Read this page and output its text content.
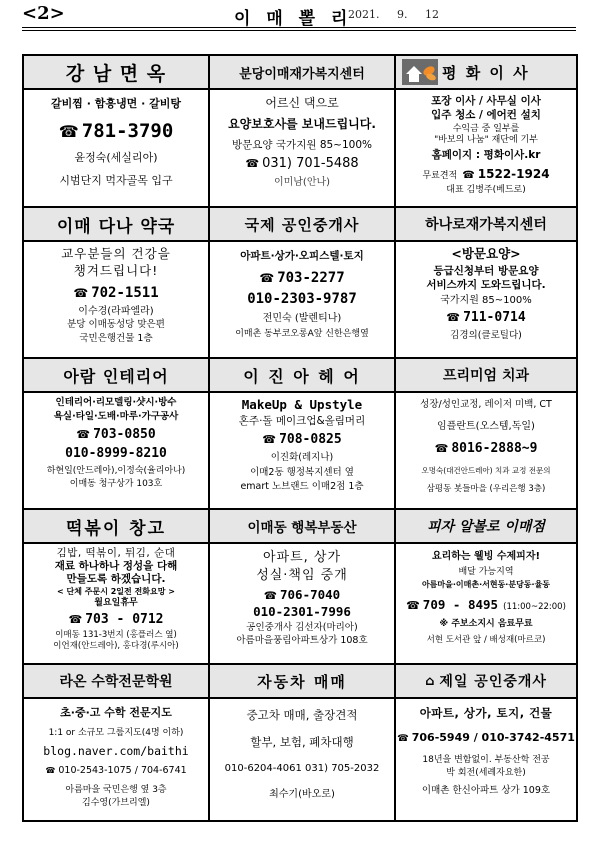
<2>	이 매 뽈 리
2021. 9. 12
강 남 면 옥
갈비찜 · 함흥냉면 · 갈비탕
☎ 781-3790
윤정숙(세실리아)
시범단지 먹자골목 입구
분당이매재가복지센터
어르신 댁으로
요양보호사를 보내드립니다.
방문요양 국가지원 85~100%
☎ 031) 701-5488
이미남(안나)
평 화 이 사
포장 이사 / 사무실 이사
입주 청소 / 에어컨 설치
수익금 중 일부를
"바보의 나눔" 재단에 기부
홈페이지 : 평화이사.kr
무료견적 ☎ 1522-1924
대표 김병주(베드로)
이매 다나 약국
교우분들의 건강을
챙겨드립니다!
☎ 702-1511
이수경(라파엘라)
분당 이매동성당 맞은편
국민은행건물 1층
국제 공인중개사
아파트·상가·오피스텔·토지
☎ 703-2277
010-2303-9787
전민숙 (발렌티나)
이매촌 동부코오롱A앞 신한은행옆
하나로재가복지센터
<방문요양>
등급신청부터 방문요양
서비스까지 도와드립니다.
국가지원 85~100%
☎ 711-0714
김경의(클로틸다)
아람 인테리어
인테리어·리모델링·샷시·방수
욕실·타일·도배·마루·가구공사
☎ 703-0850
010-8999-8210
하현일(안드레아),이정숙(율리아나)
이매동 청구상가 103호
이 진 아 헤 어
MakeUp & Upstyle
혼주·돌 메이크업&올림머리
☎ 708-0825
이진화(레지나)
이매2동 행정복지센터 옆
emart 노브랜드 이매2점 1층
프리미엄 치과
성장/성인교정, 레이저 미백, CT
임플란트(오스템,독일)
☎ 8016-2888~9
오명숙(대건안드레아) 치과 교정 전문의
삼평동 봇들마을 (우리은행 3층)
떡볶이 창고
김밥, 떡볶이, 튀김, 순대
재료 하나하나 정성을 다해
만들도록 하겠습니다.
< 단체 주문시 2일전 전화요망 >
월요일휴무
☎ 703 - 0712
이매동 131-3번지 (홍플러스 옆)
이언재(안드레아), 홍다경(루시아)
이매동 행복부동산
아파트, 상가
성실·책임 중개
☎ 706-7040
010-2301-7996
공인중개사 김선자(마리아)
아름마을풍림아파트상가 108호
피자 알볼로 이매점
요리하는 웰빙 수제피자!
배달 가능지역
아름마을·이매촌·서현동·분당동·율동
☎ 709 - 8495 (11:00~22:00)
※ 주보소지시 음료무료
서현 도서관 앞 / 배성재(마르코)
라온 수학전문학원
초·중·고 수학 전문지도
1:1 or 소규모 그룹지도(4명 이하)
blog.naver.com/baithi
☎ 010-2543-1075 / 704-6741
아름마을 국민은행 옆 3층
김수영(가브리엘)
자동차 매매
중고차 매매, 출장견적
할부, 보험, 폐차대행
010-6204-4061 031) 705-2032
최수기(바오로)
⌂ 제일 공인중개사
아파트, 상가, 토지, 건물
☎ 706-5949 / 010-3742-4571
18년을 변함없이. 부동산학 전공
박 회전(세례자요한)
이매촌 한신아파트 상가 109호
